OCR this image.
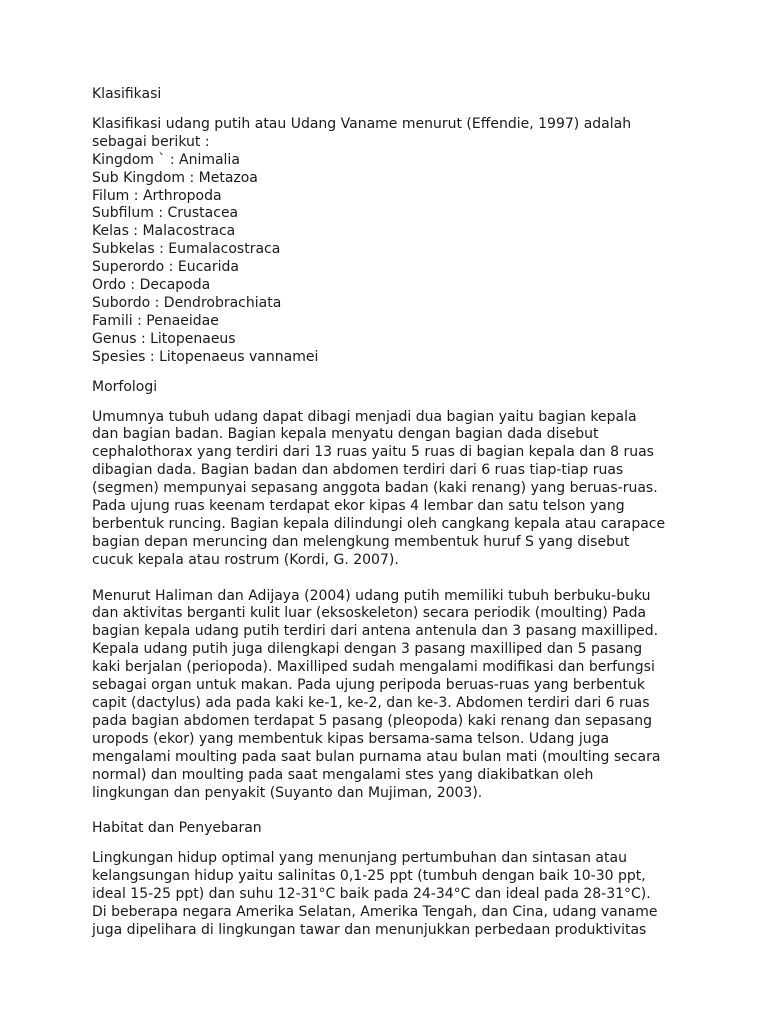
Klasifikasi
Klasifikasi udang putih atau Udang Vaname menurut (Effendie, 1997) adalah
sebagai berikut :
Kingdom ` : Animalia
Sub Kingdom : Metazoa
Filum : Arthropoda
Subfilum : Crustacea
Kelas : Malacostraca
Subkelas : Eumalacostraca
Superordo : Eucarida
Ordo : Decapoda
Subordo : Dendrobrachiata
Famili : Penaeidae
Genus : Litopenaeus
Spesies : Litopenaeus vannamei
Morfologi
Umumnya tubuh udang dapat dibagi menjadi dua bagian yaitu bagian kepala
dan bagian badan. Bagian kepala menyatu dengan bagian dada disebut
cephalothorax yang terdiri dari 13 ruas yaitu 5 ruas di bagian kepala dan 8 ruas
dibagian dada. Bagian badan dan abdomen terdiri dari 6 ruas tiap-tiap ruas
(segmen) mempunyai sepasang anggota badan (kaki renang) yang beruas-ruas.
Pada ujung ruas keenam terdapat ekor kipas 4 lembar dan satu telson yang
berbentuk runcing. Bagian kepala dilindungi oleh cangkang kepala atau carapace
bagian depan meruncing dan melengkung membentuk huruf S yang disebut
cucuk kepala atau rostrum (Kordi, G. 2007).
Menurut Haliman dan Adijaya (2004) udang putih memiliki tubuh berbuku-buku
dan aktivitas berganti kulit luar (eksoskeleton) secara periodik (moulting) Pada
bagian kepala udang putih terdiri dari antena antenula dan 3 pasang maxilliped.
Kepala udang putih juga dilengkapi dengan 3 pasang maxilliped dan 5 pasang
kaki berjalan (periopoda). Maxilliped sudah mengalami modifikasi dan berfungsi
sebagai organ untuk makan. Pada ujung peripoda beruas-ruas yang berbentuk
capit (dactylus) ada pada kaki ke-1, ke-2, dan ke-3. Abdomen terdiri dari 6 ruas
pada bagian abdomen terdapat 5 pasang (pleopoda) kaki renang dan sepasang
uropods (ekor) yang membentuk kipas bersama-sama telson. Udang juga
mengalami moulting pada saat bulan purnama atau bulan mati (moulting secara
normal) dan moulting pada saat mengalami stes yang diakibatkan oleh
lingkungan dan penyakit (Suyanto dan Mujiman, 2003).
Habitat dan Penyebaran
Lingkungan hidup optimal yang menunjang pertumbuhan dan sintasan atau
kelangsungan hidup yaitu salinitas 0,1-25 ppt (tumbuh dengan baik 10-30 ppt,
ideal 15-25 ppt) dan suhu 12-31°C baik pada 24-34°C dan ideal pada 28-31°C).
Di beberapa negara Amerika Selatan, Amerika Tengah, dan Cina, udang vaname
juga dipelihara di lingkungan tawar dan menunjukkan perbedaan produktivitas
